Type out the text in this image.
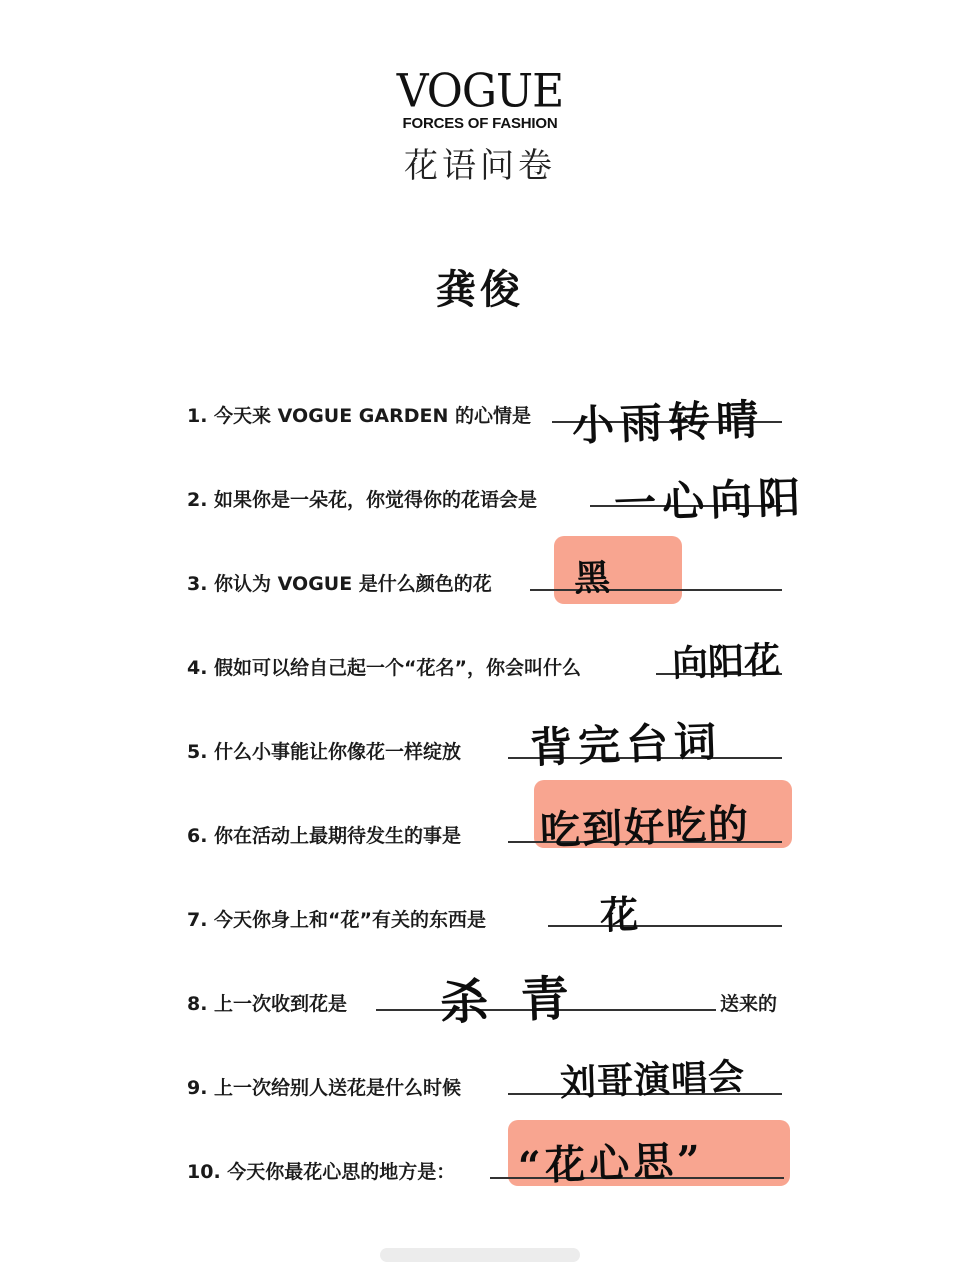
VOGUE
FORCES OF FASHION
花语问卷
龚俊
1. 今天来 VOGUE GARDEN 的心情是 小雨转晴
2. 如果你是一朵花，你觉得你的花语会是 一心向阳
3. 你认为 VOGUE 是什么颜色的花 黑
4. 假如可以给自己起一个“花名”，你会叫什么	向阳花
5. 什么小事能让你像花一样绽放 背完台词
6. 你在活动上最期待发生的事是 吃到好吃的
7. 今天你身上和“花”有关的东西是	花
8. 上一次收到花是 杀 青	送来的
9. 上一次给别人送花是什么时候	刘哥演唱会
10. 今天你最花心思的地方是： “花心思”
